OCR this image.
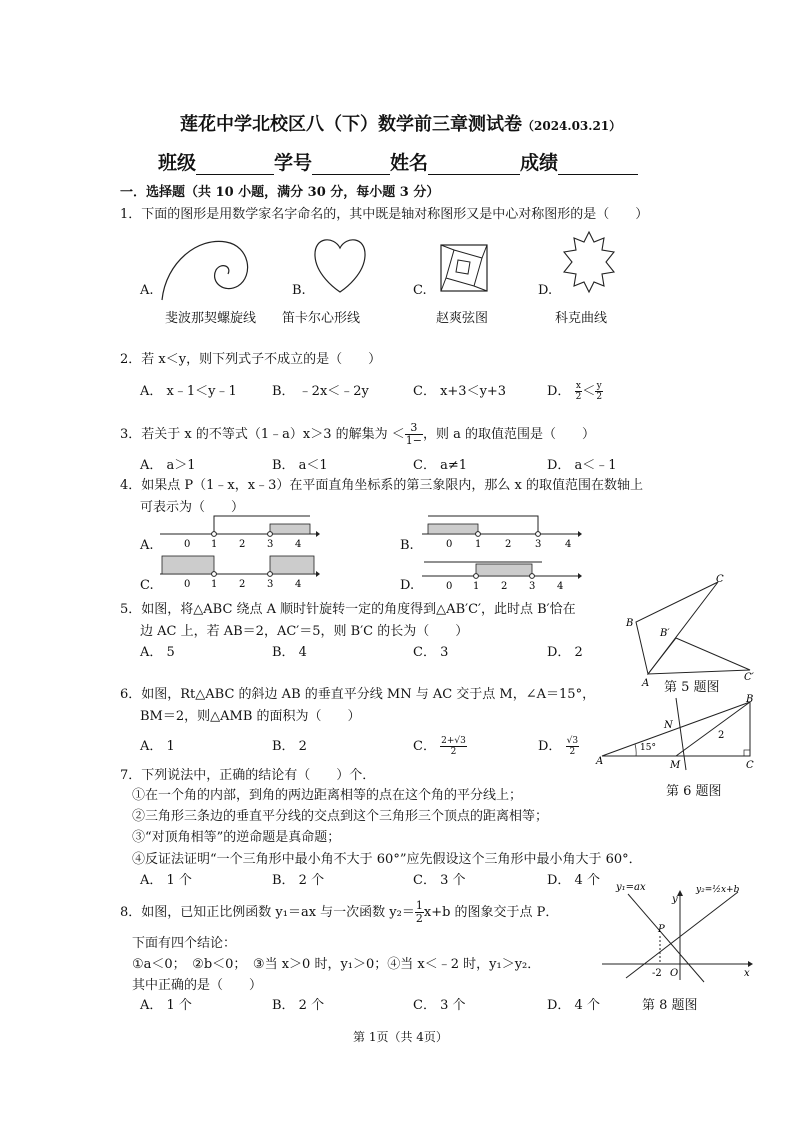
莲花中学北校区八（下）数学前三章测试卷（2024.03.21）
班级	学号	姓名	成绩
一．选择题（共 10 小题，满分 30 分，每小题 3 分）
1．下面的图形是用数学家名字命名的，其中既是轴对称图形又是中心对称图形的是（　　）
A.	B.	C.	D.
斐波那契螺旋线 笛卡尔心形线	赵爽弦图	科克曲线
2．若 x＜y，则下列式子不成立的是（　　）
A． x﹣1＜y﹣1	B． ﹣2x＜﹣2y	C． x+3＜y+3	D． $\frac{x}{2} < \frac{y}{2}$
3．若关于 x 的不等式（1﹣a）x＞3 的解集为 ＜ $\frac{3}{1-}$ ，则 a 的取值范围是（　　）
A． a＞1	B． a＜1	C． a≠1	D． a＜﹣1
4．如果点 P（1﹣x，x﹣3）在平面直角坐标系的第三象限内，那么 x 的取值范围在数轴上
可表示为（　　）
A.	B.
C.	D.
0 1 2 3 4	0 1 2 3 4
0 1 2 3 4	0 1 2 3 4
5．如图，将△ABC 绕点 A 顺时针旋转一定的角度得到△AB′C′，此时点 B′恰在
边 AC 上，若 AB＝2，AC′＝5，则 B′C 的长为（　　）
A． 5	B． 4	C． 3	D． 2
A
B
C
B′
C′
第 5 题图
6．如图，Rt△ABC 的斜边 AB 的垂直平分线 MN 与 AC 交于点 M，∠A＝15°，
BM＝2，则△AMB 的面积为（　　）
A． 1	B． 2	C． $\frac{2+√3}{2}$	D． $\frac{√3}{2}$
A
B
C
M
N
15°
2
第 6 题图
7．下列说法中，正确的结论有（　　）个．
①在一个角的内部，到角的两边距离相等的点在这个角的平分线上；
②三角形三条边的垂直平分线的交点到这个三角形三个顶点的距离相等；
③“对顶角相等”的逆命题是真命题；
④反证法证明“一个三角形中最小角不大于 60°”应先假设这个三角形中最小角大于 60°．
A． 1 个	B． 2 个	C． 3 个	D． 4 个
8．如图，已知正比例函数 y₁＝ax 与一次函数 $y_2= \frac{1}{2} x+b$ 的图象交于点 P．
下面有四个结论：
①a＜0；　②b＜0；　③当 x＞0 时，y₁＞0；④当 x＜﹣2 时，y₁＞y₂．
其中正确的是（　　）
A． 1 个	B． 2 个	C． 3 个	D． 4 个
y₁=ax	y₂=½x+b
y
x
P
-2 O
第 8 题图
第 1页（共 4页）
